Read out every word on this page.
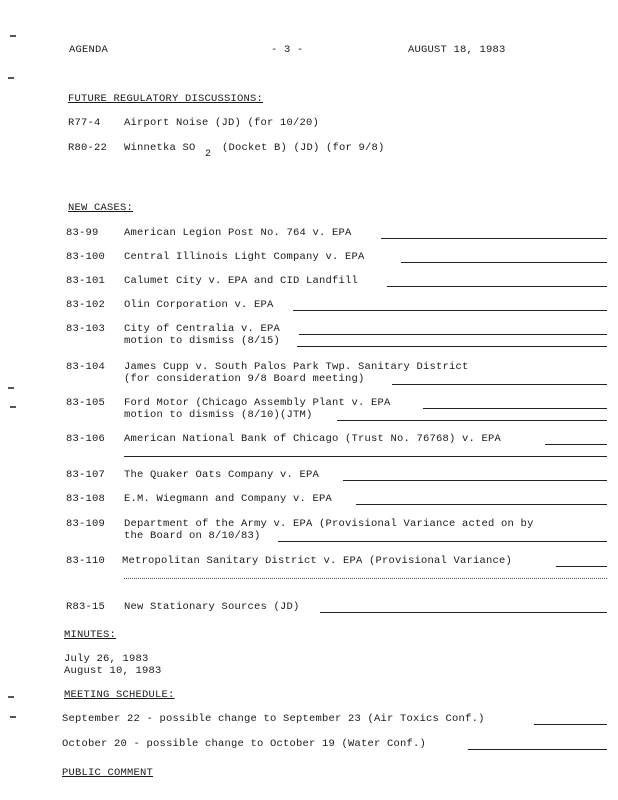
AGENDA	- 3 -	AUGUST 18, 1983
FUTURE REGULATORY DISCUSSIONS:
R77-4 Airport Noise (JD) (for 10/20)
R80-22 Winnetka SO
2
(Docket B) (JD) (for 9/8)
NEW CASES:
83-99 American Legion Post No. 764 v. EPA
83-100 Central Illinois Light Company v. EPA
83-101 Calumet City v. EPA and CID Landfill
83-102 Olin Corporation v. EPA
83-103 City of Centralia v. EPA
motion to dismiss (8/15)
83-104 James Cupp v. South Palos Park Twp. Sanitary District
(for consideration 9/8 Board meeting)
83-105 Ford Motor (Chicago Assembly Plant v. EPA
motion to dismiss (8/10)(JTM)
83-106 American National Bank of Chicago (Trust No. 76768) v. EPA
83-107 The Quaker Oats Company v. EPA
83-108 E.M. Wiegmann and Company v. EPA
83-109 Department of the Army v. EPA (Provisional Variance acted on by
the Board on 8/10/83)
83-110 Metropolitan Sanitary District v. EPA (Provisional Variance)
R83-15 New Stationary Sources (JD)
MINUTES:
July 26, 1983
August 10, 1983
MEETING SCHEDULE:
September 22 - possible change to September 23 (Air Toxics Conf.)
October 20 - possible change to October 19 (Water Conf.)
PUBLIC COMMENT
